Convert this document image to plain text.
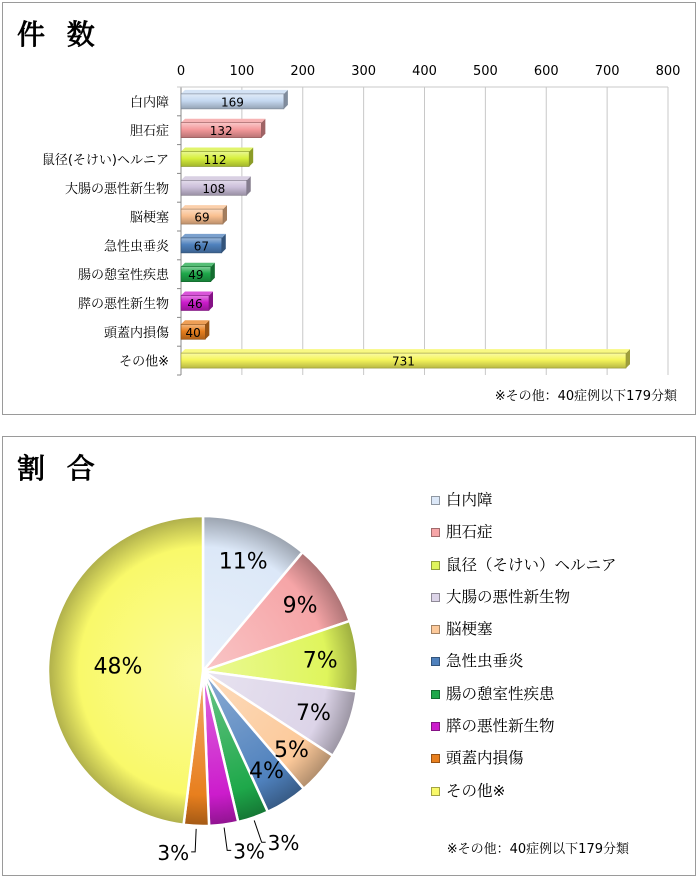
件 数
0	100	200	300	400	500	600	700	800
白内障
胆石症
鼠径(そけい)ヘルニア
大腸の悪性新生物
脳梗塞
急性虫垂炎
腸の憩室性疾患
膵の悪性新生物
頭蓋内損傷
その他※
169
132
112
108
69
67
49
46
40
731
※その他：40症例以下179分類
割 合
11%
9%
7%
7%
5%
4%
3%
3%
3%
48%
白内障
胆石症
鼠径（そけい）ヘルニア
大腸の悪性新生物
脳梗塞
急性虫垂炎
腸の憩室性疾患
膵の悪性新生物
頭蓋内損傷
その他※
※その他：40症例以下179分類
